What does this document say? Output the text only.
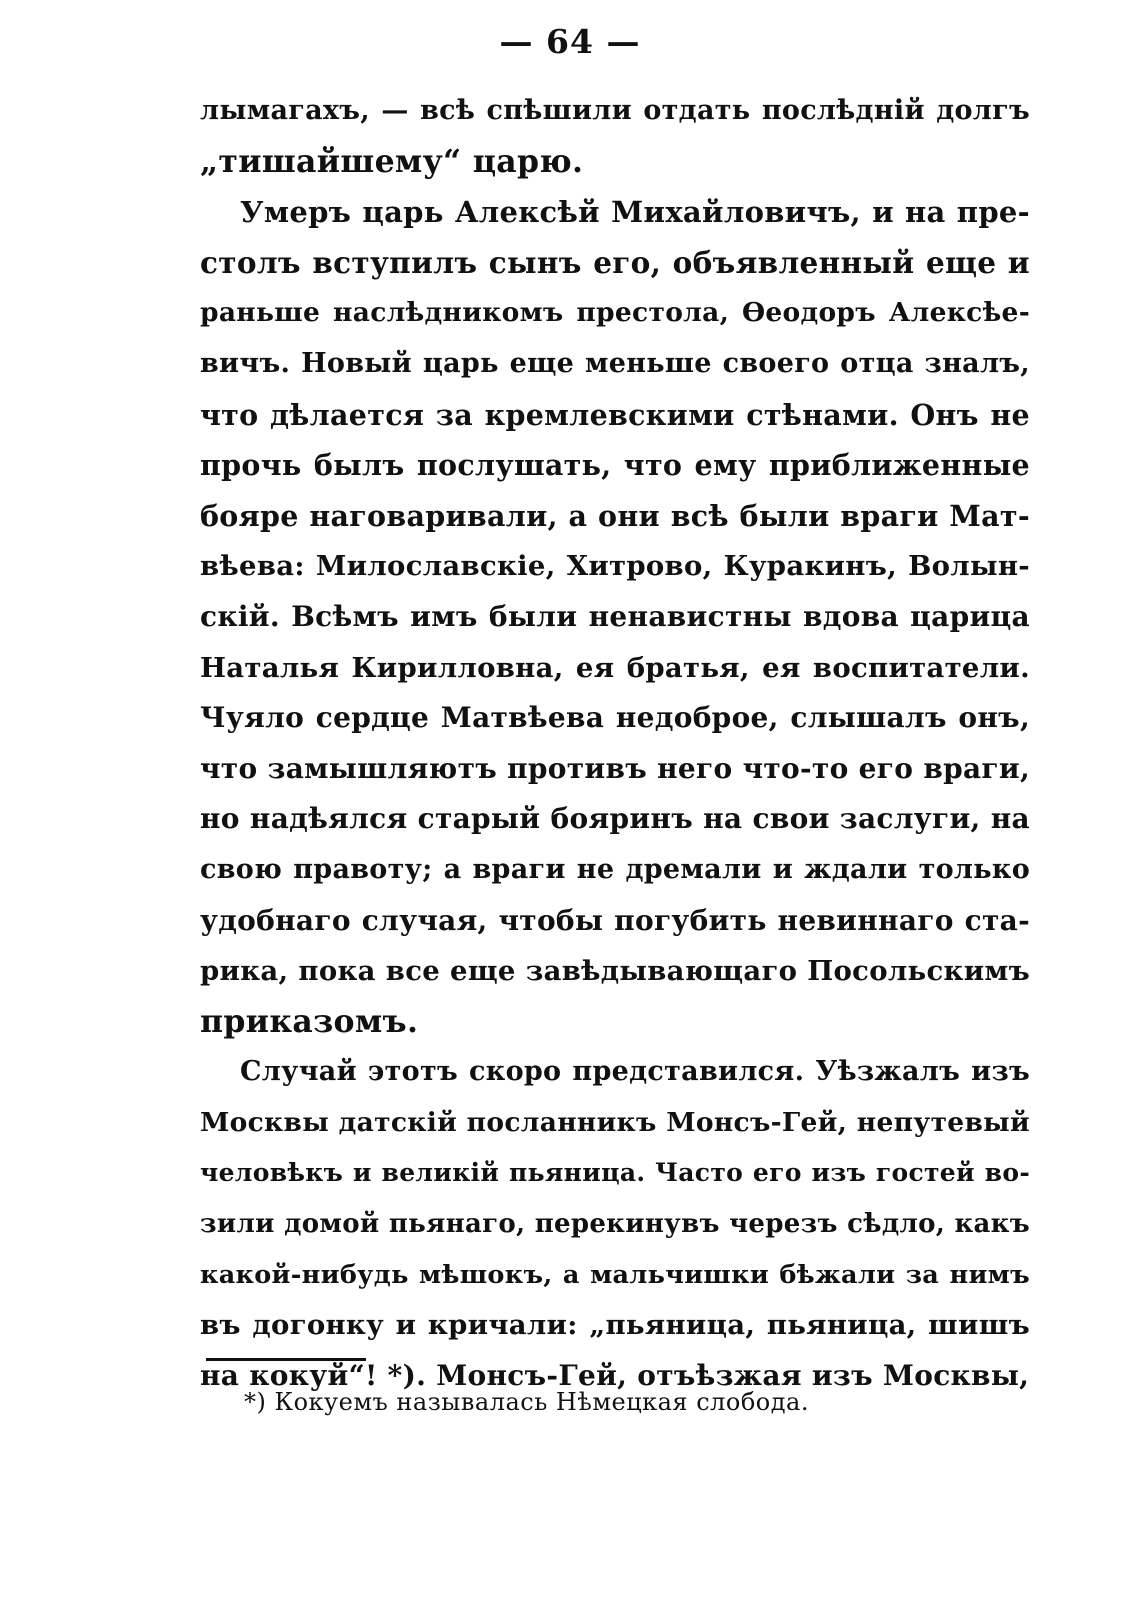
— 64 —
лымагахъ, — всѣ спѣшили отдать послѣдній долгъ
„тишайшему“ царю.
Умеръ царь Алексѣй Михайловичъ, и на пре-
столъ вступилъ сынъ его, объявленный еще и
раньше наслѣдникомъ престола, Ѳеодоръ Алексѣе-
вичъ. Новый царь еще меньше своего отца зналъ,
что дѣлается за кремлевскими стѣнами. Онъ не
прочь былъ послушать, что ему приближенные
бояре наговаривали, а они всѣ были враги Мат-
вѣева: Милославскіе, Хитрово, Куракинъ, Волын-
скій. Всѣмъ имъ были ненавистны вдова царица
Наталья Кирилловна, ея братья, ея воспитатели.
Чуяло сердце Матвѣева недоброе, слышалъ онъ,
что замышляютъ противъ него что-то его враги,
но надѣялся старый бояринъ на свои заслуги, на
свою правоту; а враги не дремали и ждали только
удобнаго случая, чтобы погубить невиннаго ста-
рика, пока все еще завѣдывающаго Посольскимъ
приказомъ.
Случай этотъ скоро представился. Уѣзжалъ изъ
Москвы датскій посланникъ Монсъ-Гей, непутевый
человѣкъ и великій пьяница. Часто его изъ гостей во-
зили домой пьянаго, перекинувъ черезъ сѣдло, какъ
какой-нибудь мѣшокъ, а мальчишки бѣжали за нимъ
въ догонку и кричали: „пьяница, пьяница, шишъ
на кокуй“! *). Монсъ-Гей, отъѣзжая изъ Москвы,
*) Кокуемъ называлась Нѣмецкая слобода.
